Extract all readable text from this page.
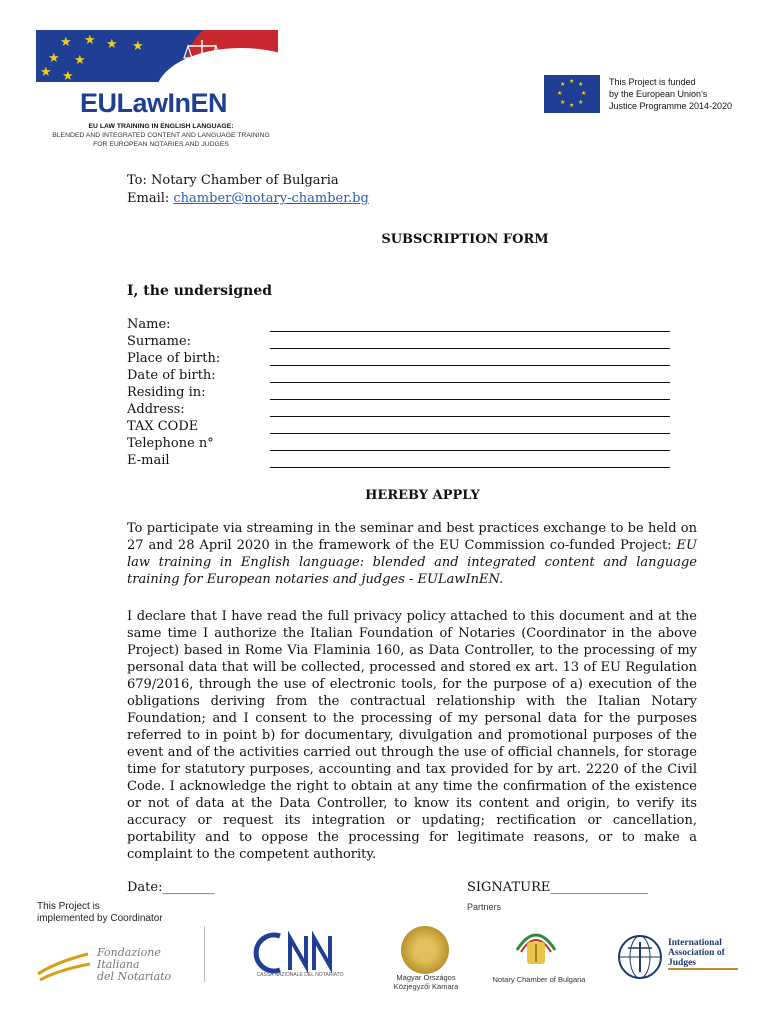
★ ★ ★
★ ★
★
★ ★
EULawInEN
EU LAW TRAINING IN ENGLISH LANGUAGE:
BLENDED AND INTEGRATED CONTENT AND LANGUAGE TRAINING
FOR EUROPEAN NOTARIES AND JUDGES
★ ★
★
★
★
★
★
★	This Project is funded
by the European Union's
Justice Programme 2014-2020
To: Notary Chamber of Bulgaria
Email: chamber@notary-chamber.bg
SUBSCRIPTION FORM
I, the undersigned
Name:
Surname:
Place of birth:
Date of birth:
Residing in:
Address:
TAX CODE
Telephone n°
E-mail
HEREBY APPLY
To participate via streaming in the seminar and best practices exchange to be held on 27 and 28 April 2020 in the framework of the EU Commission co-funded Project: EU law training in English language: blended and integrated content and language training for European notaries and judges - EULawInEN.
I declare that I have read the full privacy policy attached to this document and at the same time I authorize the Italian Foundation of Notaries (Coordinator in the above Project) based in Rome Via Flaminia 160, as Data Controller, to the processing of my personal data that will be collected, processed and stored ex art. 13 of EU Regulation 679/2016, through the use of electronic tools, for the purpose of a) execution of the obligations deriving from the contractual relationship with the Italian Notary Foundation; and I consent to the processing of my personal data for the purposes referred to in point b) for documentary, divulgation and promotional purposes of the event and of the activities carried out through the use of official channels, for storage time for statutory purposes, accounting and tax provided for by art. 2220 of the Civil Code. I acknowledge the right to obtain at any time the confirmation of the existence or not of data at the Data Controller, to know its content and origin, to verify its accuracy or request its integration or updating; rectification or cancellation, portability and to oppose the processing for legitimate reasons, or to make a complaint to the competent authority.
Date:________	SIGNATURE_______________
This Project is
implemented by Coordinator
Partners
Fondazione
Italiana
del Notariato	CASSA NAZIONALE DEL NOTARIATO	Magyar Országos
Közjegyzői Kamara
Notary Chamber of Bulgaria
International
Association of
Judges
